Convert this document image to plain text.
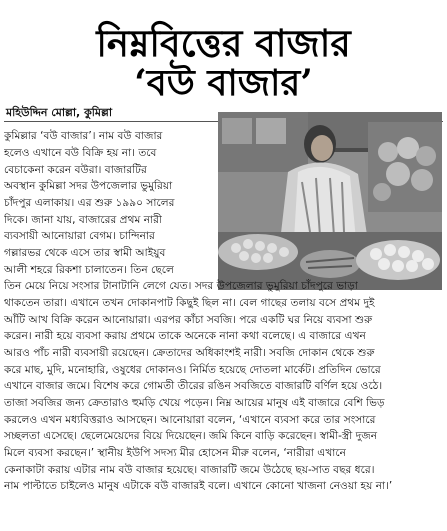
নিম্নবিত্তের বাজার
‘বউ বাজার’
মহিউদ্দিন মোল্লা, কুমিল্লা
কুমিল্লার ‘বউ বাজার’। নাম বউ বাজার
হলেও এখানে বউ বিক্রি হয় না। তবে
বেচাকেনা করেন বউরা। বাজারটির
অবস্থান কুমিল্লা সদর উপজেলার ভুমুরিয়া
চাঁদপুর এলাকায়। এর শুরু ১৯৯০ সালের
দিকে। জানা যায়, বাজারের প্রথম নারী
ব্যবসায়ী আনোয়ারা বেগম। চান্দিনার
গল্লারভর থেকে এসে তার স্বামী আইয়ুব
আলী শহরে রিকশা চালাতেন। তিন ছেলে
তিন মেয়ে নিয়ে সংসার টানাটানি লেগে যেত। সদর উপজেলার ভুমুরিয়া চাঁদপুরে ভাড়া
থাকতেন তারা। এখানে তখন দোকানপাট কিছুই ছিল না। বেল গাছের তলায় বসে প্রথম দুই
আঁটি আখ বিক্রি করেন আনোয়ারা। এরপর কাঁচা সবজি। পরে একটি ঘর নিয়ে ব্যবসা শুরু
করেন। নারী হয়ে ব্যবসা করায় প্রথমে তাকে অনেকে নানা কথা বলেছে। এ বাজারে এখন
আরও পাঁচ নারী ব্যবসায়ী রয়েছেন। ক্রেতাদের অধিকাংশই নারী। সবজি দোকান থেকে শুরু
করে মাছ, মুদি, মনোহারি, ওষুধের দোকানও। নির্মিত হয়েছে দোতলা মার্কেট। প্রতিদিন ভোরে
এখানে বাজার জমে। বিশেষ করে গোমতী তীরের রঙিন সবজিতে বাজারটি বর্ণিল হয়ে ওঠে।
তাজা সবজির জন্য ক্রেতারাও হুমড়ি খেয়ে পড়েন। নিম্ন আয়ের মানুষ এই বাজারে বেশি ভিড়
করলেও এখন মধ্যবিত্তরাও আসছেন। আনোয়ারা বলেন, ‘এখানে ব্যবসা করে তার সংসারে
সচ্ছলতা এসেছে। ছেলেমেয়েদের বিয়ে দিয়েছেন। জমি কিনে বাড়ি করেছেন। স্বামী-স্ত্রী দুজন
মিলে ব্যবসা করছেন।’ স্থানীয় ইউপি সদস্য মীর হোসেন মীরু বলেন, ‘নারীরা এখানে
কেনাকাটা করায় এটার নাম বউ বাজার হয়েছে। বাজারটি জমে উঠেছে ছয়-সাত বছর ধরে।
নাম পাল্টাতে চাইলেও মানুষ এটাকে বউ বাজারই বলে। এখানে কোনো খাজনা নেওয়া হয় না।’
